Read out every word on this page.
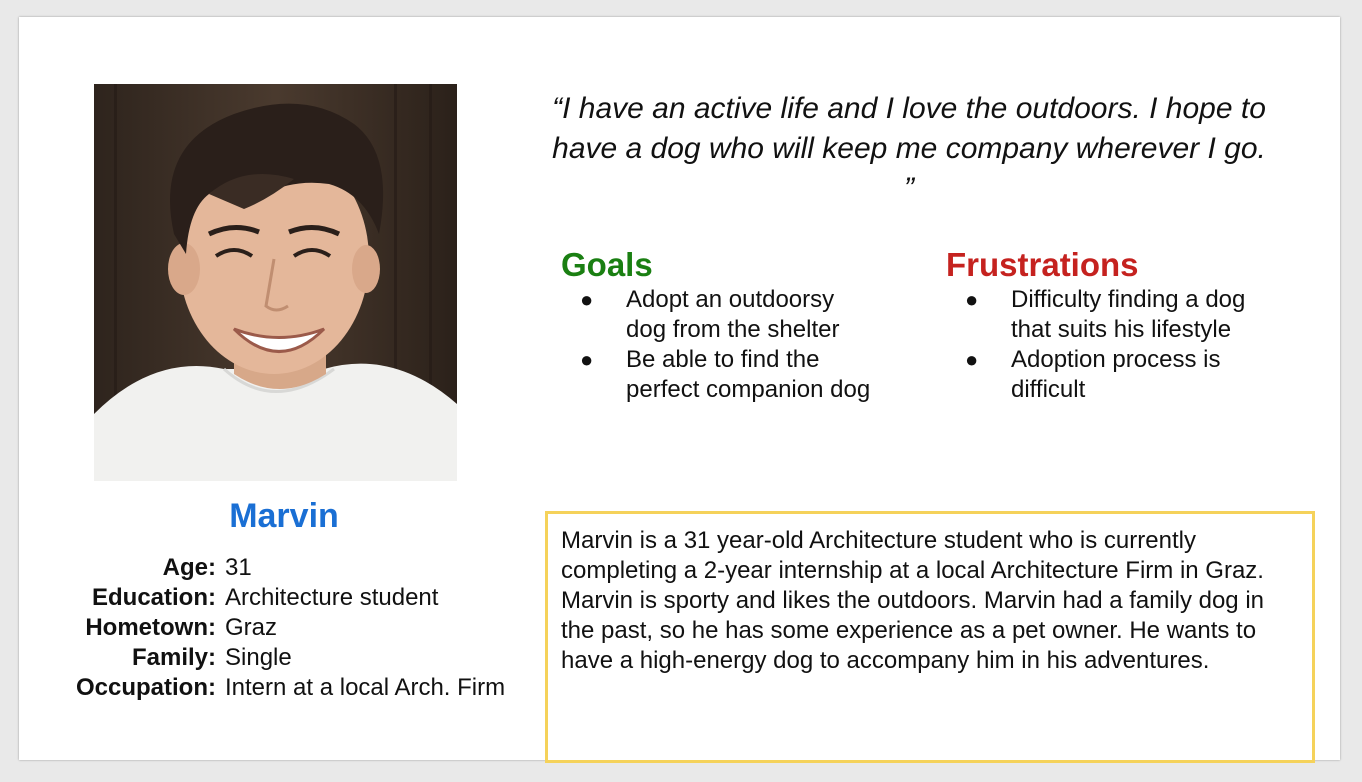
Marvin
Age: 31
Education: Architecture student
Hometown: Graz
Family: Single
Occupation: Intern at a local Arch. Firm
“I have an active life and I love the outdoors. I hope to have a dog who will keep me company wherever I go. ”
Goals
● Adopt an outdoorsy dog from the shelter
● Be able to find the perfect companion dog
Frustrations
● Difficulty finding a dog that suits his lifestyle
● Adoption process is difficult
Marvin is a 31 year-old Architecture student who is currently completing a 2-year internship at a local Architecture Firm in Graz. Marvin is sporty and likes the outdoors. Marvin had a family dog in the past, so he has some experience as a pet owner. He wants to have a high-energy dog to accompany him in his adventures.
